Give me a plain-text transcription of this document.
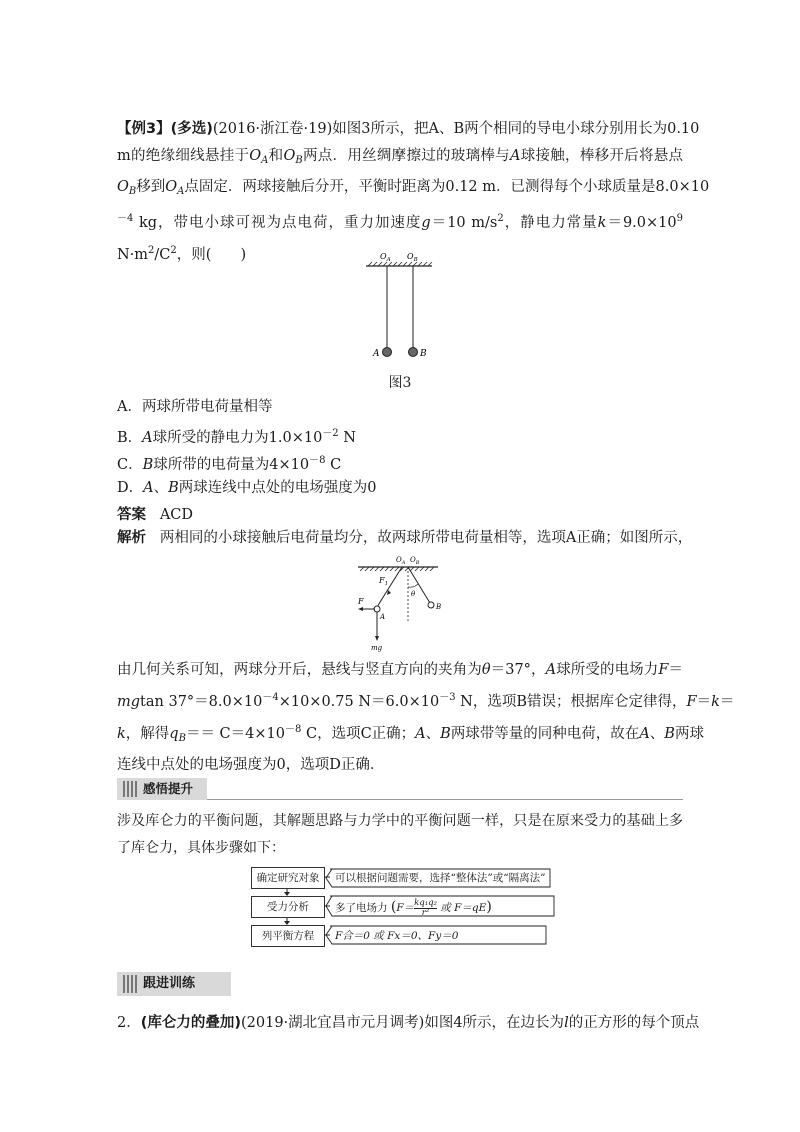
【例3】(多选)(2016·浙江卷·19)如图3所示，把A、B两个相同的导电小球分别用长为0.10
m的绝缘细线悬挂于$O_A$和$O_B$两点．用丝绸摩擦过的玻璃棒与A球接触，棒移开后将悬点
$O_B$移到$O_A$点固定．两球接触后分开，平衡时距离为0.12 m．已测得每个小球质量是8.0×10
$^{-4}$ kg，带电小球可视为点电荷，重力加速度g＝10 $m/s^2$，静电力常量$k=9.0\times 10^9$
$N\cdot m^2/C^2$，则(　　)	$O_A$ $O_B$
A	B
图3
A．两球所带电荷量相等
B．A球所受的静电力为$1.0\times 10^{-2}$ N
C．B球所带的电荷量为$4\times 10^{-8}$ C
D．A、B两球连线中点处的电场强度为0
答案 ACD
解析 两相同的小球接触后电荷量均分，故两球所带电荷量相等，选项A正确；如图所示，
$O_A$ $O_B$
$F_1$
F
θ
A
B
mg
由几何关系可知，两球分开后，悬线与竖直方向的夹角为θ＝37°，A球所受的电场力F＝
mgtan $37^\circ=8.0\times 10^{-4}\times 10\times 0.75$ $N=6.0\times 10^{-3}$ N，选项B错误；根据库仑定律得，F＝k＝
k，解得$q_B== C=4\times 10^{-8}$ C，选项C正确；A、B两球带等量的同种电荷，故在A、B两球
连线中点处的电场强度为0，选项D正确．
感悟提升
涉及库仑力的平衡问题，其解题思路与力学中的平衡问题一样，只是在原来受力的基础上多
了库仑力，具体步骤如下：
确定研究对象
受力分析
列平衡方程
可以根据问题需要，选择“整体法”或“隔离法”
多了电场力 ($F= \frac{\text{kq₁q₂}}{\text{r²}}$ 或 F＝qE)
F合＝0 或 Fx＝0、Fy＝0
跟进训练
2．(库仑力的叠加)(2019·湖北宜昌市元月调考)如图4所示，在边长为l的正方形的每个顶点
